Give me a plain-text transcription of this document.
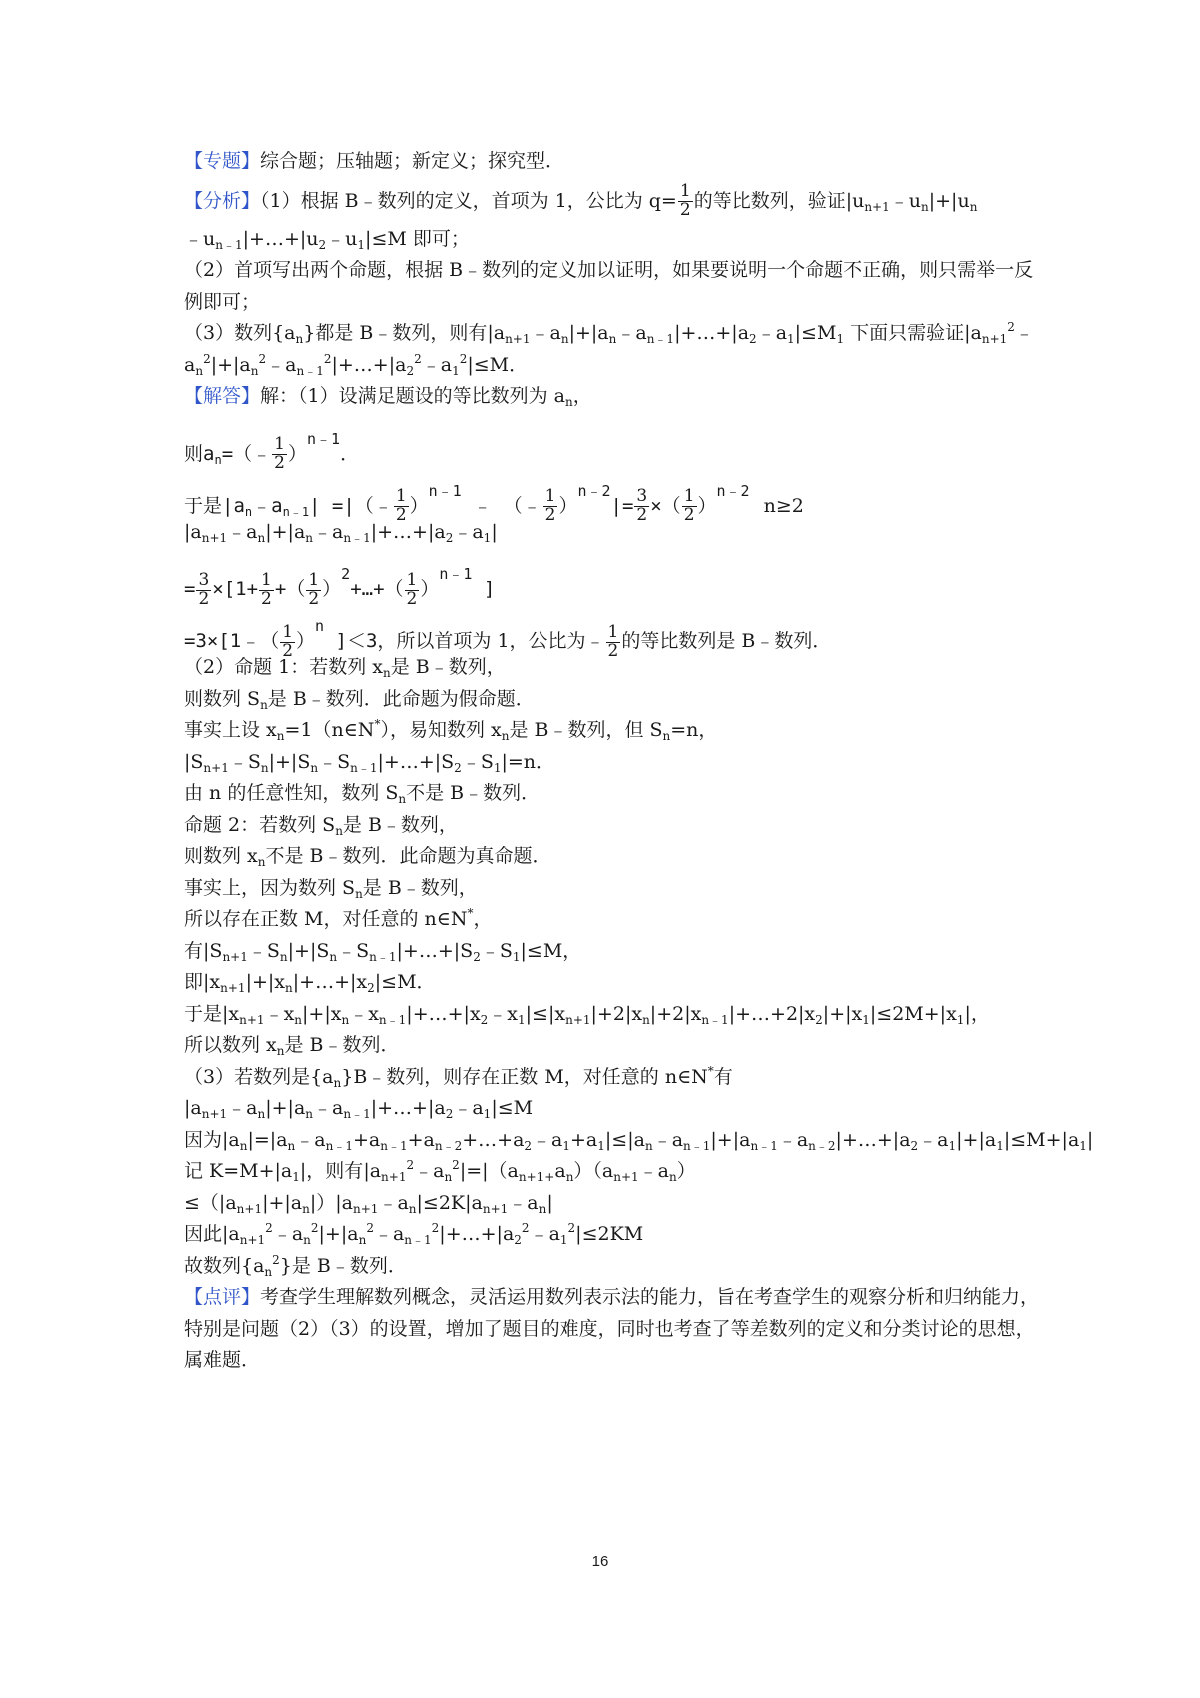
【专题】综合题；压轴题；新定义；探究型．
【分析】（1）根据 B﹣数列的定义，首项为 1，公比为 $q= \frac{1}{2}$ 的等比数列，验证$|u_{n+1}﹣u_n|+|u_n$
$﹣u_{n﹣1}|+\dots+|u_2﹣u_1|\le M$ 即可；
（2）首项写出两个命题，根据 B﹣数列的定义加以证明，如果要说明一个命题不正确，则只需举一反例即可；
（3）数列$\{a_n\}$都是 B﹣数列，则有$|a_{n+1}﹣a_n|+|a_n﹣a_{n﹣1}|+\dots+|a_2﹣a_1|\le M_1$ 下面只需验证$|a_{n+1}^2﹣$
$a_n^2|+|a_n^2﹣a_{n﹣1}^2|+\dots+|a_2^2﹣a_1^2|\le M$．
【解答】解：（1）设满足题设的等比数列为 $a_n$，
则$a_n=(﹣ \frac{1}{2} )^{n﹣1}$．
于是$|a_n﹣a_{n﹣1}|$ =|（﹣ $\frac{1}{2} )^{n﹣1}$ ﹣ （﹣ $\frac{1}{2} )^{n﹣2}|= \frac{3}{2}$ ×（ $\frac{1}{2} )^{n﹣2}n\ge 2$
$|a_{n+1}﹣a_n|+|a_n﹣a_{n﹣1}|+\dots+|a_2﹣a_1|$
= $\frac{3}{2} \times[1+ \frac{1}{2}$ +（ $\frac{1}{2}$ ）$^2$+…+（ $\frac{1}{2} )^{n﹣1}$ ]
=3×[1﹣（ $\frac{1}{2} )^n$ ]＜3，所以首项为 1，公比为﹣ $\frac{1}{2}$ 的等比数列是 B﹣数列．
（2）命题 1：若数列 $x_n$是 B﹣数列，
则数列 $S_n$是 B﹣数列．此命题为假命题．
事实上设 $x_n=1(n\in N^*)$，易知数列 $x_n$是 B﹣数列，但 $S_n=n$，
$|S_{n+1}﹣S_n|+|S_n﹣S_{n﹣1}|+\dots+|S_2﹣S_1|=n$．
由 n 的任意性知，数列 $S_n$不是 B﹣数列．
命题 2：若数列 $S_n$是 B﹣数列，
则数列 $x_n$不是 B﹣数列．此命题为真命题．
事实上，因为数列 $S_n$是 B﹣数列，
所以存在正数 M，对任意的 n∈N*，
有$|S_{n+1}﹣S_n|+|S_n﹣S_{n﹣1}|+\dots+|S_2﹣S_1|\le M$，
即$|x_{n+1}|+|x_n|+\dots+|x_2|\le M$．
于是$|x_{n+1}﹣x_n|+|x_n﹣x_{n﹣1}|+\dots+|x_2﹣x_1|\le|x_{n+1}|+2|x_n|+2|x_{n﹣1}|+\dots+2|x_2|+|x_1|\le 2M+|x_1|$，
所以数列 $x_n$是 B﹣数列．
（3）若数列是$\{a_n\}B﹣$数列，则存在正数 M，对任意的 n∈N*有
$|a_{n+1}﹣a_n|+|a_n﹣a_{n﹣1}|+\dots+|a_2﹣a_1|\le M$
因为$|a_n|=|a_n﹣a_{n﹣1}+a_{n﹣1}+a_{n﹣2}+\dots+a_2﹣a_1+a_1|\le|a_n﹣a_{n﹣1}|+|a_{n﹣1}﹣a_{n﹣2}|+\dots+|a_2﹣a_1|+|a_1|\le M+|a_1|$
记 $K=M+|a_1|$，则有$|a_{n+1}^2﹣a_n^2|=|(a_{n+1+}a_n)(a_{n+1}﹣a_n)$
$\le(|a_{n+1}|+|a_n|)|a_{n+1}﹣a_n|\le 2K|a_{n+1}﹣a_n|$
因此$|a_{n+1}^2﹣a_n^2|+|a_n^2﹣a_{n﹣1}^2|+\dots+|a_2^2﹣a_1^2|\le 2KM$
故数列$\{a_n^2\}$是 B﹣数列．
【点评】考查学生理解数列概念，灵活运用数列表示法的能力，旨在考查学生的观察分析和归纳能力，特别是问题（2）（3）的设置，增加了题目的难度，同时也考查了等差数列的定义和分类讨论的思想，属难题．
16
